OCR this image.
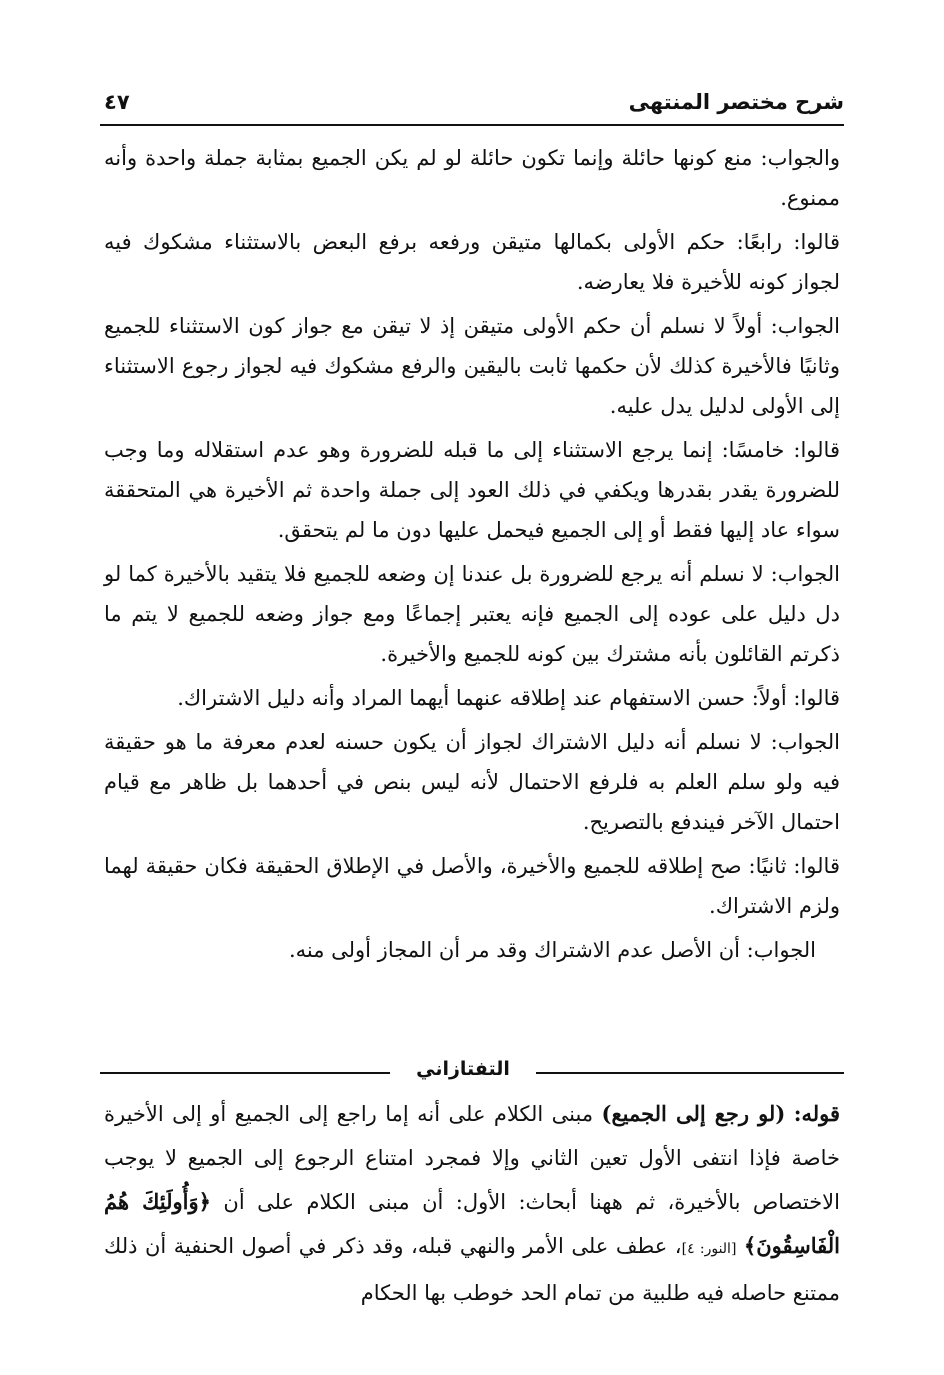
شرح مختصر المنتهى
٤٧

والجواب: منع كونها حائلة وإنما تكون حائلة لو لم يكن الجميع بمثابة جملة واحدة وأنه ممنوع.

قالوا: رابعًا: حكم الأولى بكمالها متيقن ورفعه برفع البعض بالاستثناء مشكوك فيه لجواز كونه للأخيرة فلا يعارضه.

الجواب: أولاً لا نسلم أن حكم الأولى متيقن إذ لا تيقن مع جواز كون الاستثناء للجميع وثانيًا فالأخيرة كذلك لأن حكمها ثابت باليقين والرفع مشكوك فيه لجواز رجوع الاستثناء إلى الأولى لدليل يدل عليه.

قالوا: خامسًا: إنما يرجع الاستثناء إلى ما قبله للضرورة وهو عدم استقلاله وما وجب للضرورة يقدر بقدرها ويكفي في ذلك العود إلى جملة واحدة ثم الأخيرة هي المتحققة سواء عاد إليها فقط أو إلى الجميع فيحمل عليها دون ما لم يتحقق.

الجواب: لا نسلم أنه يرجع للضرورة بل عندنا إن وضعه للجميع فلا يتقيد بالأخيرة كما لو دل دليل على عوده إلى الجميع فإنه يعتبر إجماعًا ومع جواز وضعه للجميع لا يتم ما ذكرتم القائلون بأنه مشترك بين كونه للجميع والأخيرة.

قالوا: أولاً: حسن الاستفهام عند إطلاقه عنهما أيهما المراد وأنه دليل الاشتراك.

الجواب: لا نسلم أنه دليل الاشتراك لجواز أن يكون حسنه لعدم معرفة ما هو حقيقة فيه ولو سلم العلم به فلرفع الاحتمال لأنه ليس بنص في أحدهما بل ظاهر مع قيام احتمال الآخر فيندفع بالتصريح.

قالوا: ثانيًا: صح إطلاقه للجميع والأخيرة، والأصل في الإطلاق الحقيقة فكان حقيقة لهما ولزم الاشتراك.

الجواب: أن الأصل عدم الاشتراك وقد مر أن المجاز أولى منه.

التفتازاني

قوله: (لو رجع إلى الجميع) مبنى الكلام على أنه إما راجع إلى الجميع أو إلى الأخيرة خاصة فإذا انتفى الأول تعين الثاني وإلا فمجرد امتناع الرجوع إلى الجميع لا يوجب الاختصاص بالأخيرة، ثم ههنا أبحاث: الأول: أن مبنى الكلام على أن ﴿وَأُولَئِكَ هُمُ الْفَاسِقُونَ﴾ [النور: ٤]، عطف على الأمر والنهي قبله، وقد ذكر في أصول الحنفية أن ذلك ممتنع حاصله فيه طلبية من تمام الحد خوطب بها الحكام
